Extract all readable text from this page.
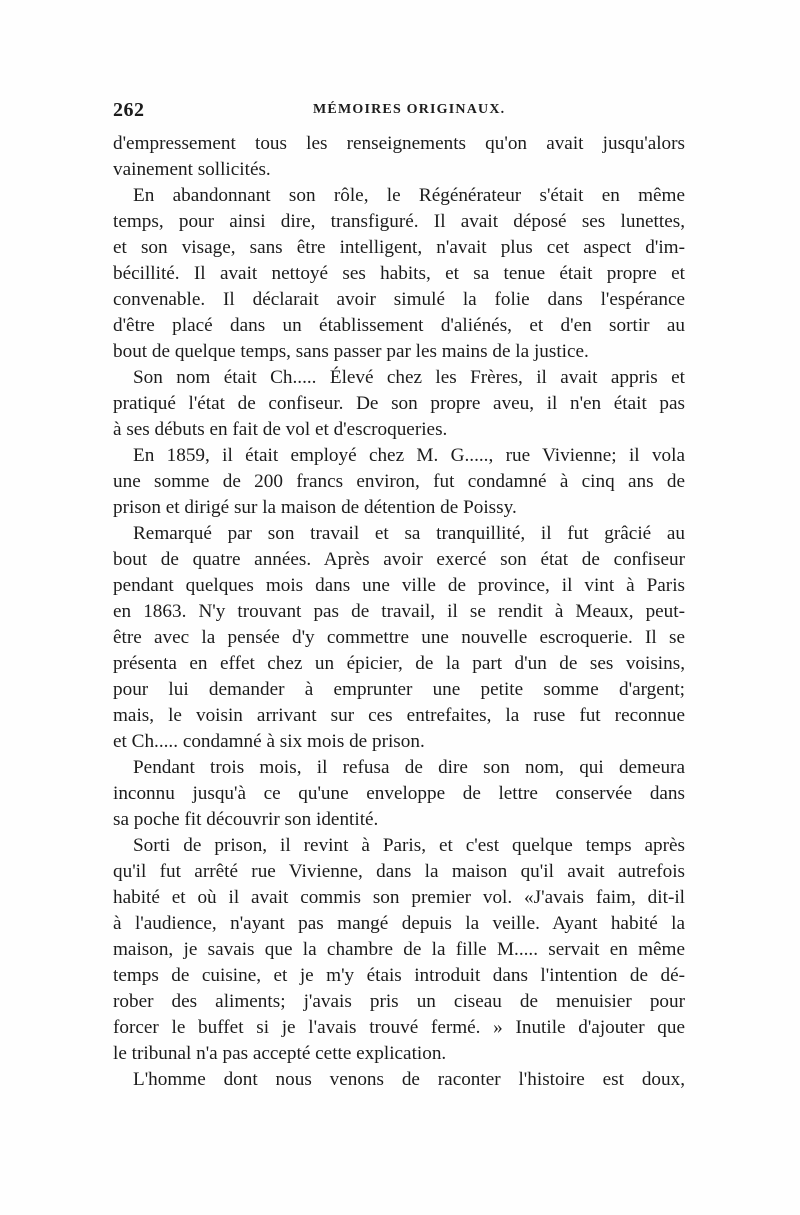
262	MÉMOIRES ORIGINAUX.
d'empressement tous les renseignements qu'on avait jusqu'alors
vainement sollicités.
En abandonnant son rôle, le Régénérateur s'était en même
temps, pour ainsi dire, transfiguré. Il avait déposé ses lunettes,
et son visage, sans être intelligent, n'avait plus cet aspect d'im-
bécillité. Il avait nettoyé ses habits, et sa tenue était propre et
convenable. Il déclarait avoir simulé la folie dans l'espérance
d'être placé dans un établissement d'aliénés, et d'en sortir au
bout de quelque temps, sans passer par les mains de la justice.
Son nom était Ch..... Élevé chez les Frères, il avait appris et
pratiqué l'état de confiseur. De son propre aveu, il n'en était pas
à ses débuts en fait de vol et d'escroqueries.
En 1859, il était employé chez M. G....., rue Vivienne; il vola
une somme de 200 francs environ, fut condamné à cinq ans de
prison et dirigé sur la maison de détention de Poissy.
Remarqué par son travail et sa tranquillité, il fut grâcié au
bout de quatre années. Après avoir exercé son état de confiseur
pendant quelques mois dans une ville de province, il vint à Paris
en 1863. N'y trouvant pas de travail, il se rendit à Meaux, peut-
être avec la pensée d'y commettre une nouvelle escroquerie. Il se
présenta en effet chez un épicier, de la part d'un de ses voisins,
pour lui demander à emprunter une petite somme d'argent;
mais, le voisin arrivant sur ces entrefaites, la ruse fut reconnue
et Ch..... condamné à six mois de prison.
Pendant trois mois, il refusa de dire son nom, qui demeura
inconnu jusqu'à ce qu'une enveloppe de lettre conservée dans
sa poche fit découvrir son identité.
Sorti de prison, il revint à Paris, et c'est quelque temps après
qu'il fut arrêté rue Vivienne, dans la maison qu'il avait autrefois
habité et où il avait commis son premier vol. «J'avais faim, dit-il
à l'audience, n'ayant pas mangé depuis la veille. Ayant habité la
maison, je savais que la chambre de la fille M..... servait en même
temps de cuisine, et je m'y étais introduit dans l'intention de dé-
rober des aliments; j'avais pris un ciseau de menuisier pour
forcer le buffet si je l'avais trouvé fermé. » Inutile d'ajouter que
le tribunal n'a pas accepté cette explication.
L'homme dont nous venons de raconter l'histoire est doux,
